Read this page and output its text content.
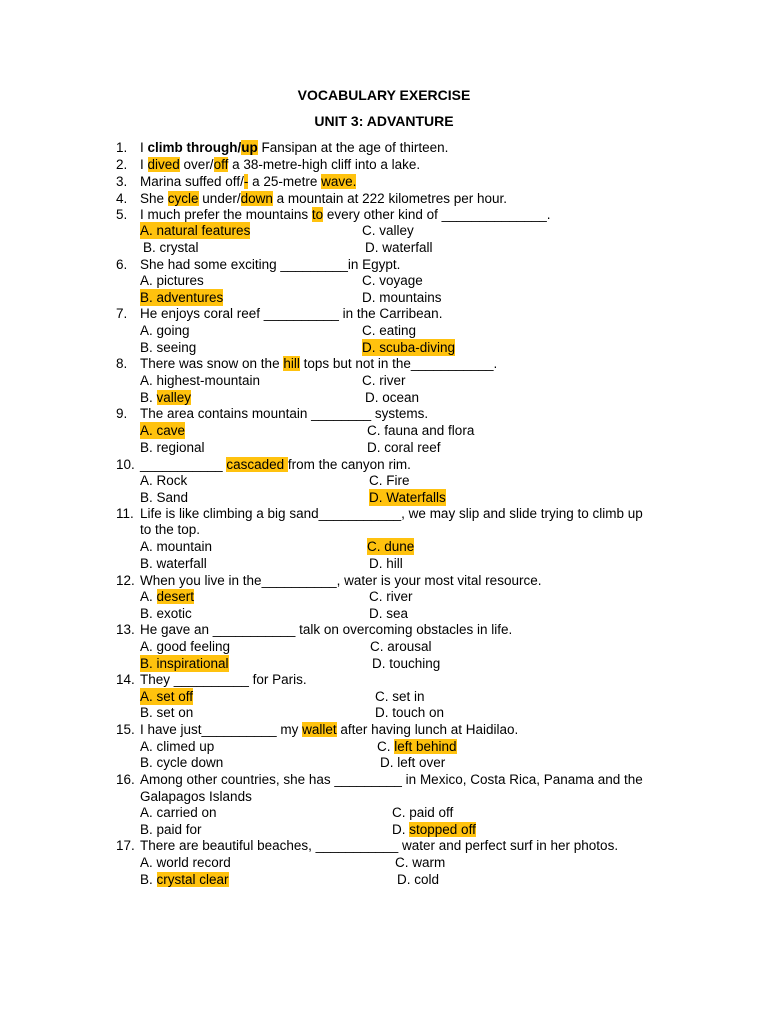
VOCABULARY EXERCISE
UNIT 3: ADVANTURE
1. I climb through/up Fansipan at the age of thirteen.
2. I dived over/off a 38-metre-high cliff into a lake.
3. Marina suffed off/- a 25-metre wave.
4. She cycle under/down a mountain at 222 kilometres per hour.
5. I much prefer the mountains to every other kind of ______________.
A. natural features	C. valley
B. crystal	D. waterfall
6. She had some exciting _________in Egypt.
A. pictures	C. voyage
B. adventures	D. mountains
7. He enjoys coral reef __________ in the Carribean.
A. going	C. eating
B. seeing	D. scuba-diving
8. There was snow on the hill tops but not in the___________.
A. highest-mountain	C. river
B. valley	D. ocean
9. The area contains mountain ________ systems.
A. cave	C. fauna and flora
B. regional	D. coral reef
10. ___________ cascaded from the canyon rim.
A. Rock	C. Fire
B. Sand	D. Waterfalls
11. Life is like climbing a big sand___________, we may slip and slide trying to climb up
to the top.
A. mountain	C. dune
B. waterfall	D. hill
12. When you live in the__________, water is your most vital resource.
A. desert	C. river
B. exotic	D. sea
13. He gave an ___________ talk on overcoming obstacles in life.
A. good feeling	C. arousal
B. inspirational	D. touching
14. They __________ for Paris.
A. set off	C. set in
B. set on	D. touch on
15. I have just__________ my wallet after having lunch at Haidilao.
A. climed up	C. left behind
B. cycle down	D. left over
16. Among other countries, she has _________ in Mexico, Costa Rica, Panama and the
Galapagos Islands
A. carried on	C. paid off
B. paid for	D. stopped off
17. There are beautiful beaches, ___________ water and perfect surf in her photos.
A. world record	C. warm
B. crystal clear	D. cold
